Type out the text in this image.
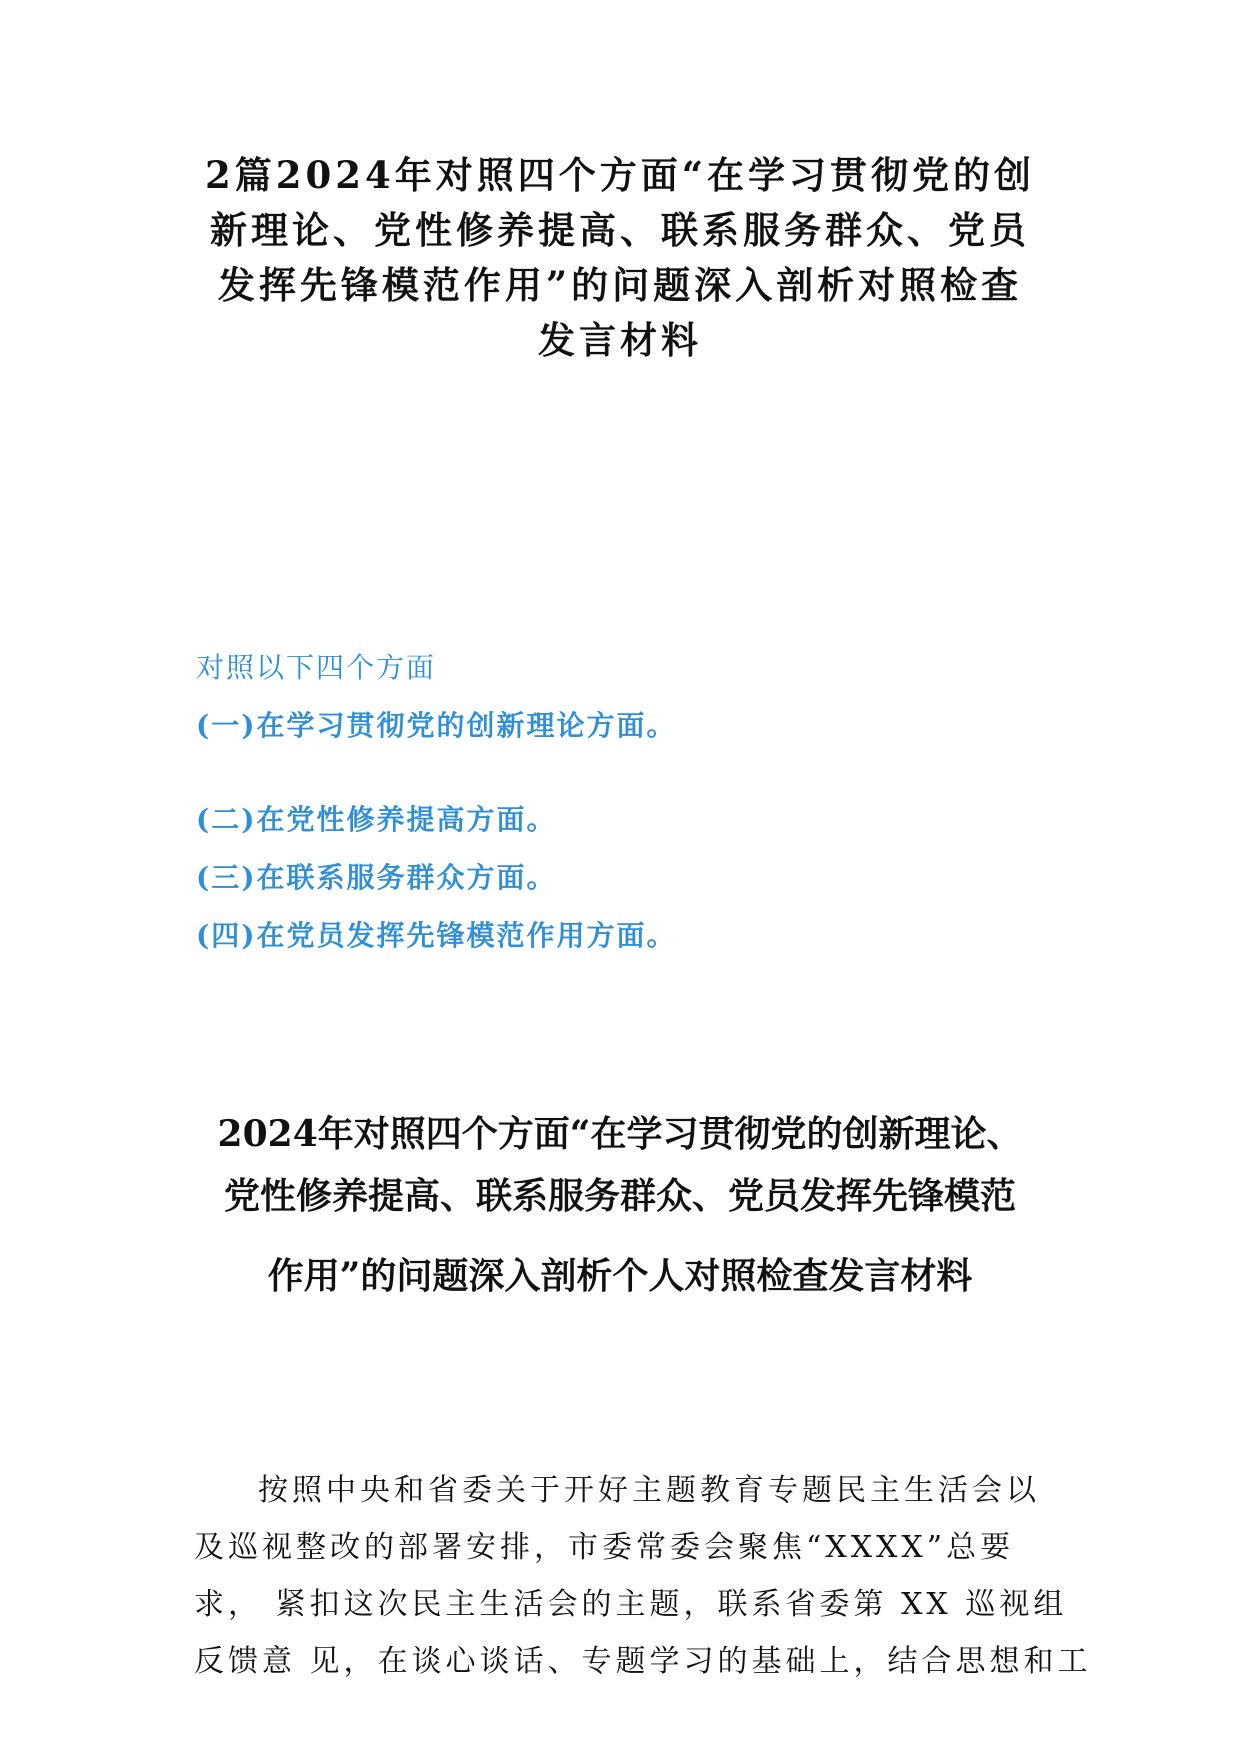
2篇2024年对照四个方面“在学习贯彻党的创
新理论、党性修养提高、联系服务群众、党员
发挥先锋模范作用”的问题深入剖析对照检查
发言材料
对照以下四个方面
(一)在学习贯彻党的创新理论方面。
(二)在党性修养提高方面。
(三)在联系服务群众方面。
(四)在党员发挥先锋模范作用方面。
2024年对照四个方面“在学习贯彻党的创新理论、
党性修养提高、联系服务群众、党员发挥先锋模范
作用”的问题深入剖析个人对照检查发言材料
按照中央和省委关于开好主题教育专题民主生活会以
及巡视整改的部署安排，市委常委会聚焦“XXXX”总要
求， 紧扣这次民主生活会的主题，联系省委第 XX 巡视组
反馈意 见，在谈心谈话、专题学习的基础上，结合思想和工
